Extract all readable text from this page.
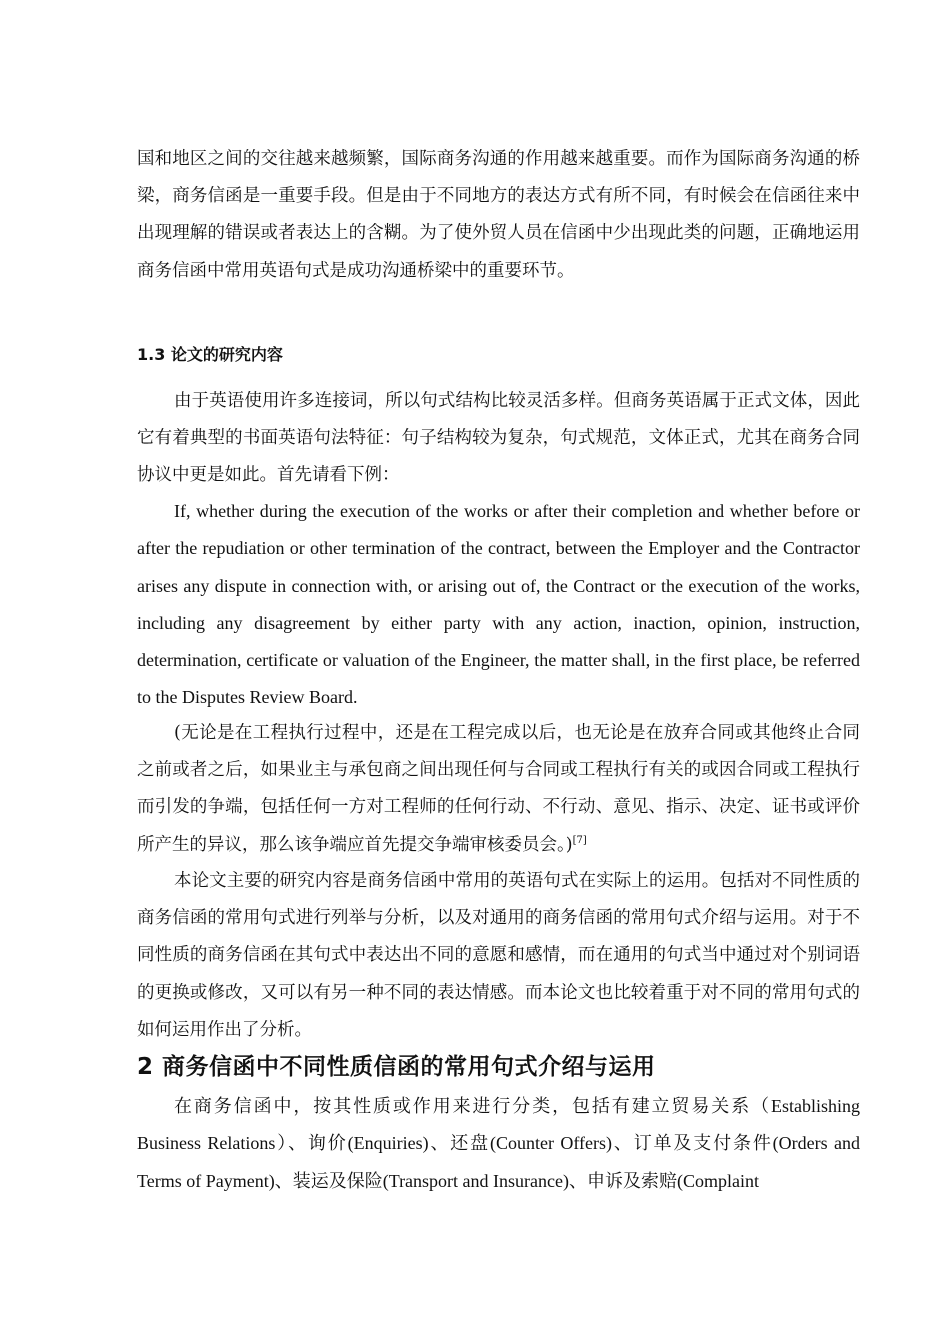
国和地区之间的交往越来越频繁，国际商务沟通的作用越来越重要。而作为国际商务沟通的桥梁，商务信函是一重要手段。但是由于不同地方的表达方式有所不同，有时候会在信函往来中出现理解的错误或者表达上的含糊。为了使外贸人员在信函中少出现此类的问题，正确地运用商务信函中常用英语句式是成功沟通桥梁中的重要环节。

1.3 论文的研究内容

由于英语使用许多连接词，所以句式结构比较灵活多样。但商务英语属于正式文体，因此它有着典型的书面英语句法特征：句子结构较为复杂，句式规范，文体正式，尤其在商务合同协议中更是如此。首先请看下例：

If, whether during the execution of the works or after their completion and whether before or after the repudiation or other termination of the contract, between the Employer and the Contractor arises any dispute in connection with, or arising out of, the Contract or the execution of the works, including any disagreement by either party with any action, inaction, opinion, instruction, determination, certificate or valuation of the Engineer, the matter shall, in the first place, be referred to the Disputes Review Board.

(无论是在工程执行过程中，还是在工程完成以后，也无论是在放弃合同或其他终止合同之前或者之后，如果业主与承包商之间出现任何与合同或工程执行有关的或因合同或工程执行而引发的争端，包括任何一方对工程师的任何行动、不行动、意见、指示、决定、证书或评价所产生的异议，那么该争端应首先提交争端审核委员会。)[7]

本论文主要的研究内容是商务信函中常用的英语句式在实际上的运用。包括对不同性质的商务信函的常用句式进行列举与分析，以及对通用的商务信函的常用句式介绍与运用。对于不同性质的商务信函在其句式中表达出不同的意愿和感情，而在通用的句式当中通过对个别词语的更换或修改，又可以有另一种不同的表达情感。而本论文也比较着重于对不同的常用句式的如何运用作出了分析。

2 商务信函中不同性质信函的常用句式介绍与运用

在商务信函中，按其性质或作用来进行分类，包括有建立贸易关系（Establishing Business Relations）、询价(Enquiries)、还盘(Counter Offers)、订单及支付条件(Orders and Terms of Payment)、装运及保险(Transport and Insurance)、申诉及索赔(Complaint
